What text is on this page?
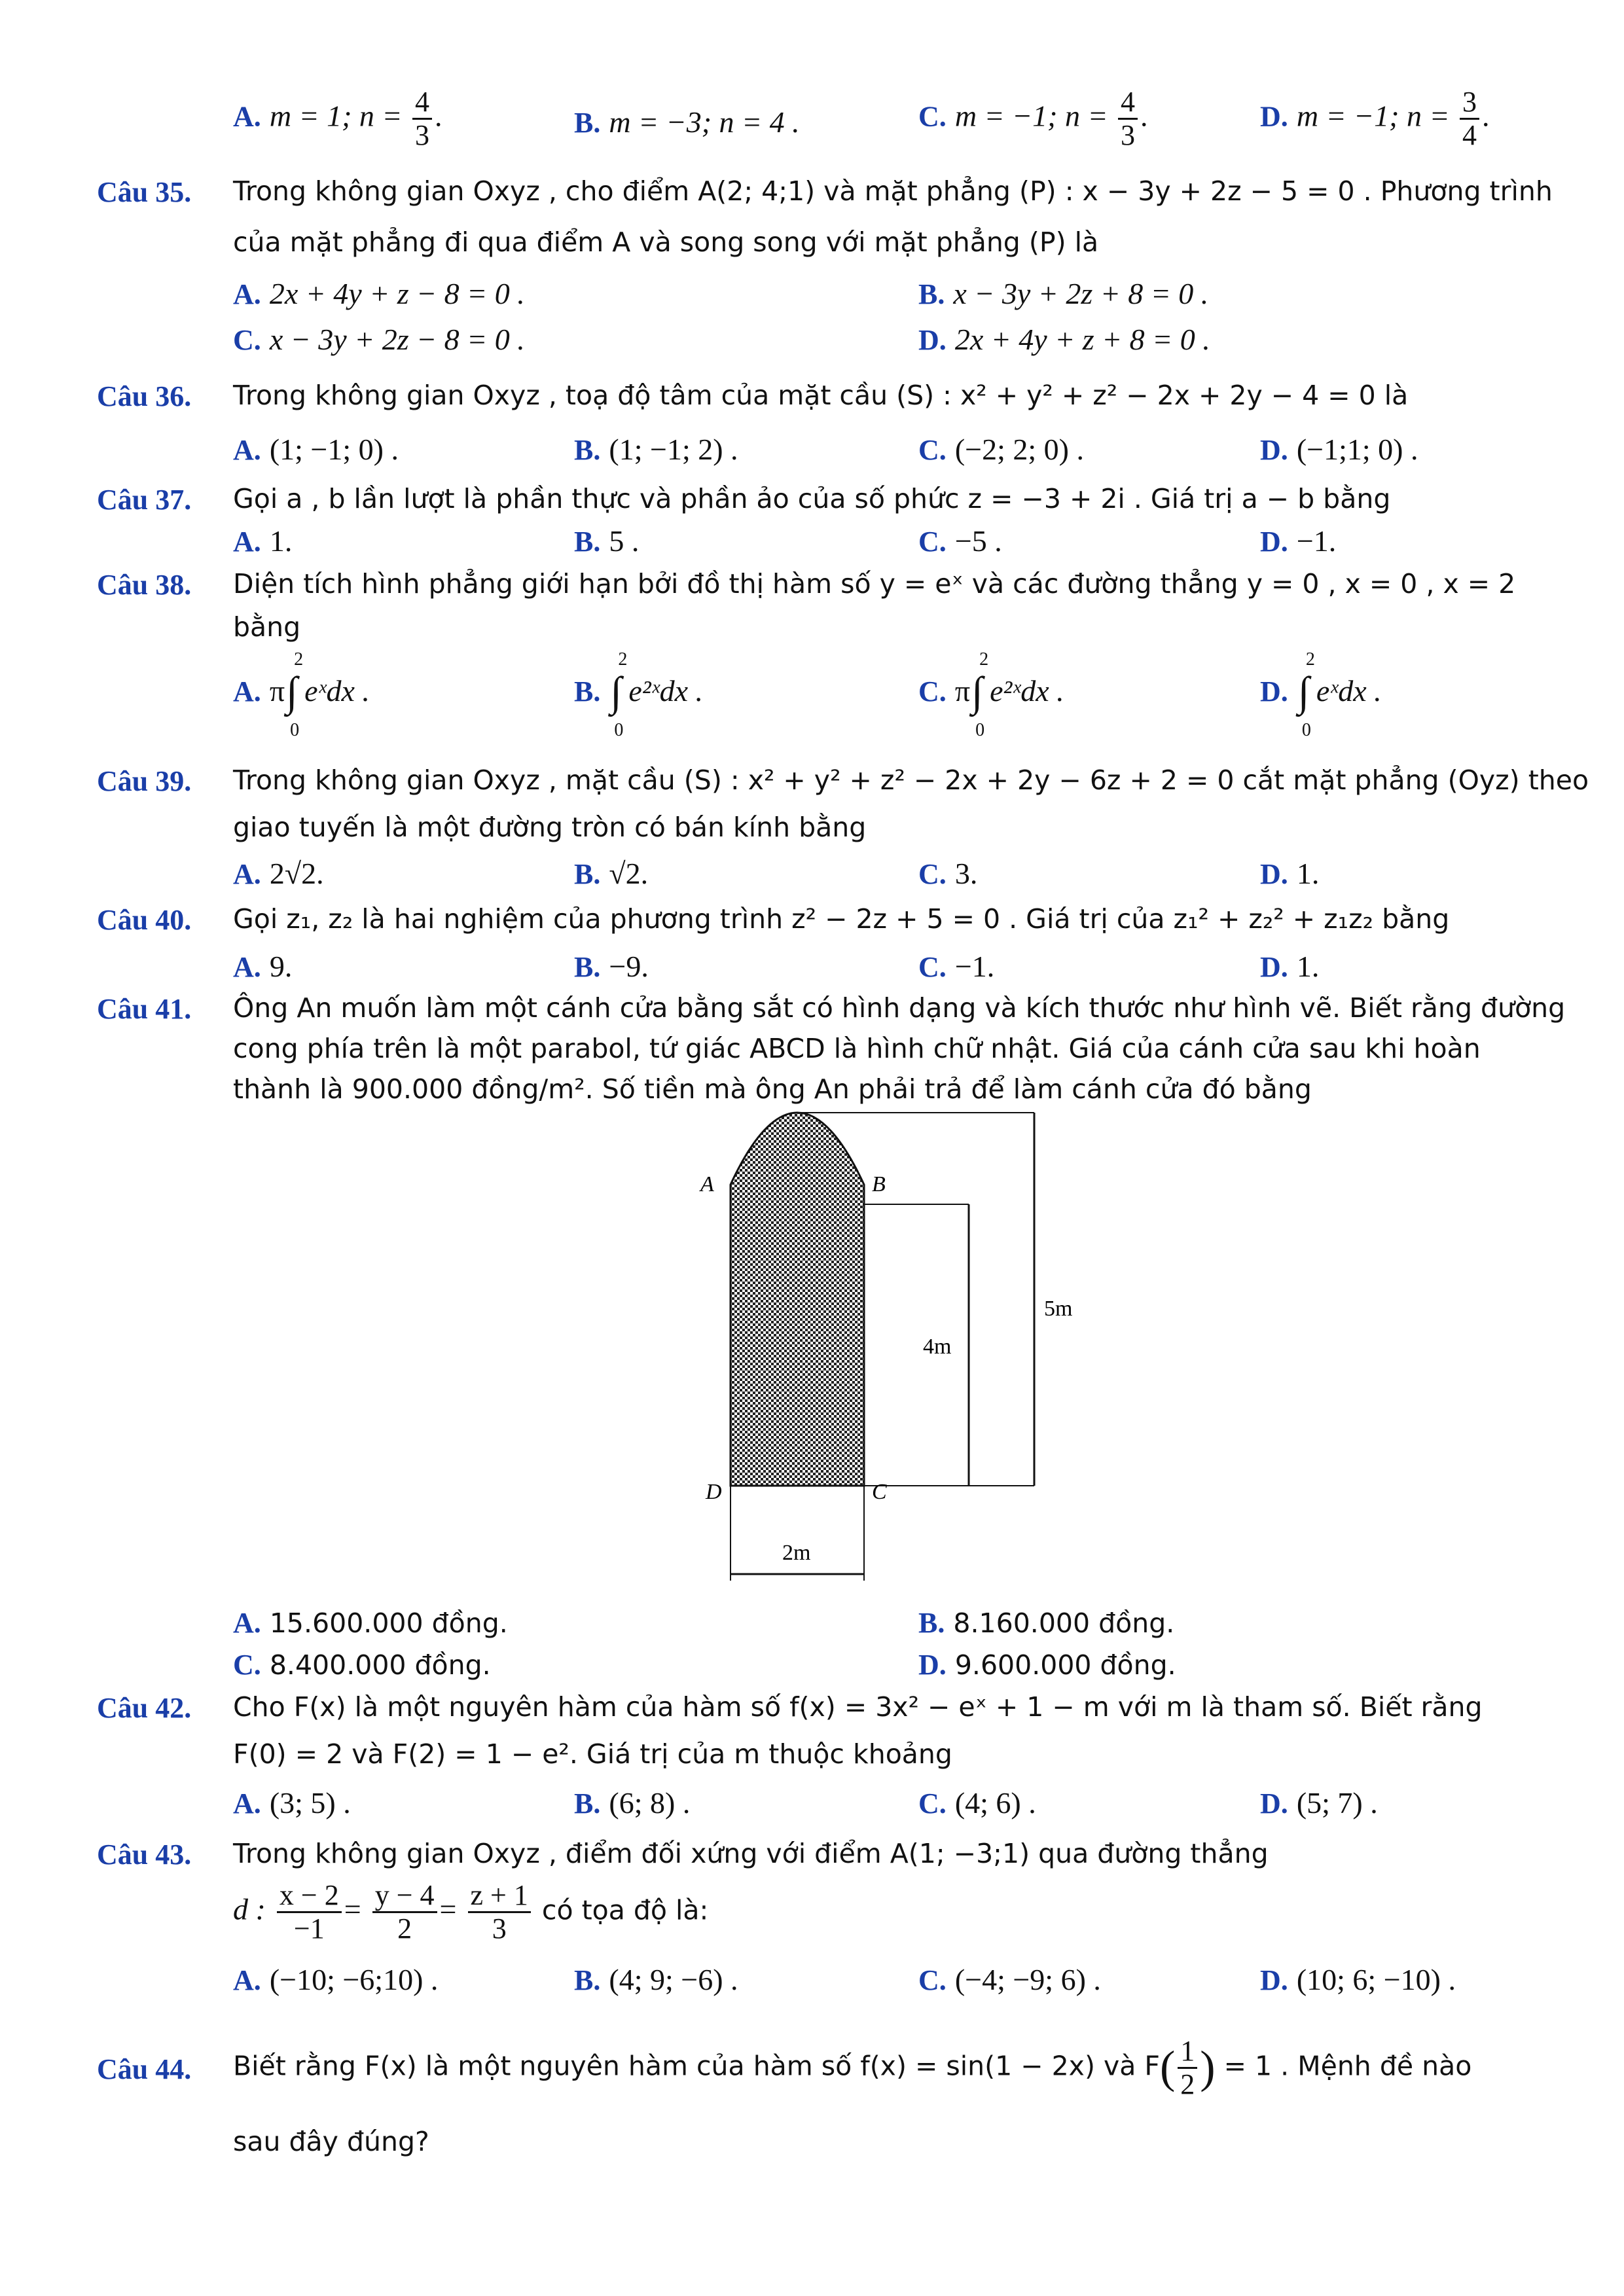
A. m = 1; $n = \frac{4}{3}$ .	B. m = −3; n = 4 .	C. m = −1; $n = \frac{4}{3}$ .	D. m = −1; $n = \frac{3}{4}$ .
Câu 35. Trong không gian Oxyz , cho điểm A(2; 4;1) và mặt phẳng (P) : x − 3y + 2z − 5 = 0 . Phương trình
của mặt phẳng đi qua điểm A và song song với mặt phẳng (P) là
A. 2x + 4y + z − 8 = 0 .	B. x − 3y + 2z + 8 = 0 .
C. x − 3y + 2z − 8 = 0 .	D. 2x + 4y + z + 8 = 0 .
Câu 36. Trong không gian Oxyz , toạ độ tâm của mặt cầu (S) : x² + y² + z² − 2x + 2y − 4 = 0 là
A. (1; −1; 0) .	B. (1; −1; 2) .	C. (−2; 2; 0) .	D. (−1;1; 0) .
Câu 37. Gọi a , b lần lượt là phần thực và phần ảo của số phức z = −3 + 2i . Giá trị a − b bằng
A. 1.	B. 5 .	C. −5 .	D. −1.
Câu 38. Diện tích hình phẳng giới hạn bởi đồ thị hàm số y = eˣ và các đường thẳng y = 0 , x = 0 , x = 2
bằng
A. π
2
∫
0
eˣdx .	B.
2
∫
0
e²ˣdx .	C. π
2
∫
0
e²ˣdx .	D.
2
∫
0
eˣdx .
Câu 39. Trong không gian Oxyz , mặt cầu (S) : x² + y² + z² − 2x + 2y − 6z + 2 = 0 cắt mặt phẳng (Oyz) theo
giao tuyến là một đường tròn có bán kính bằng
A. 2√2.	B. √2.	C. 3.	D. 1.
Câu 40. Gọi z₁, z₂ là hai nghiệm của phương trình z² − 2z + 5 = 0 . Giá trị của z₁² + z₂² + z₁z₂ bằng
A. 9.	B. −9.	C. −1.	D. 1.
Câu 41. Ông An muốn làm một cánh cửa bằng sắt có hình dạng và kích thước như hình vẽ. Biết rằng đường
cong phía trên là một parabol, tứ giác ABCD là hình chữ nhật. Giá của cánh cửa sau khi hoàn
thành là 900.000 đồng/m². Số tiền mà ông An phải trả để làm cánh cửa đó bằng
A	B
D	C
5m
4m
2m
A. 15.600.000 đồng.	B. 8.160.000 đồng.
C. 8.400.000 đồng.	D. 9.600.000 đồng.
Câu 42. Cho F(x) là một nguyên hàm của hàm số f(x) = 3x² − eˣ + 1 − m với m là tham số. Biết rằng
F(0) = 2 và F(2) = 1 − e². Giá trị của m thuộc khoảng
A. (3; 5) .	B. (6; 8) .	C. (4; 6) .	D. (5; 7) .
Câu 43. Trong không gian Oxyz , điểm đối xứng với điểm A(1; −3;1) qua đường thẳng
d : $\frac{x - 2}{-1} = \frac{y - 4}{2} = \frac{z + 1}{3}$ có tọa độ là:
A. (−10; −6;10) .	B. (4; 9; −6) .	C. (−4; −9; 6) .	D. (10; 6; −10) .
Câu 44. Biết rằng F(x) là một nguyên hàm của hàm số f(x) = sin(1 − 2x) và $F( \frac{1}{2}$ ) = 1 . Mệnh đề nào
sau đây đúng?
